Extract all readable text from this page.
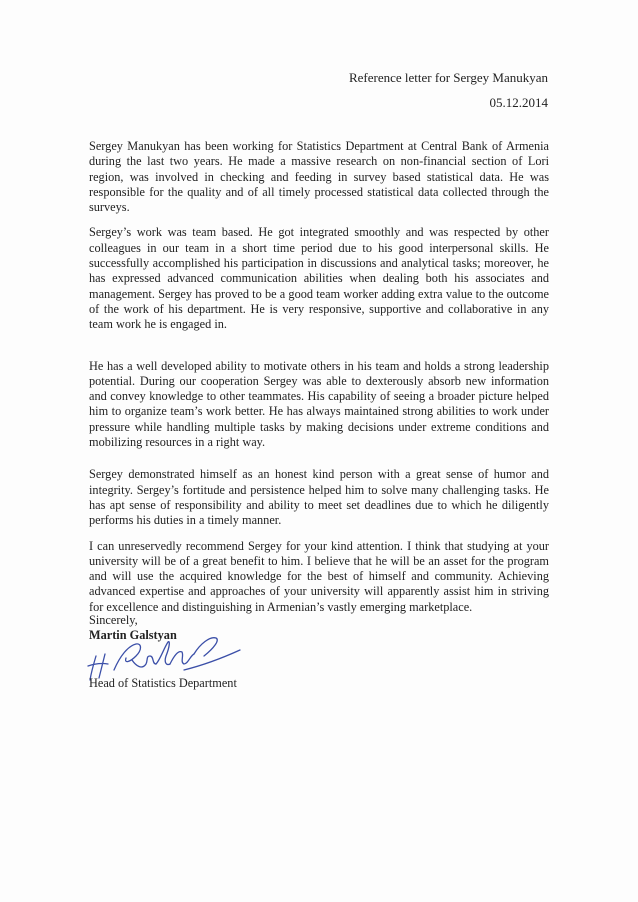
Reference letter for Sergey Manukyan
05.12.2014

Sergey Manukyan has been working for Statistics Department at Central Bank of Armenia during the last two years. He made a massive research on non-financial section of Lori region, was involved in checking and feeding in survey based statistical data. He was responsible for the quality and of all timely processed statistical data collected through the surveys.

Sergey’s work was team based. He got integrated smoothly and was respected by other colleagues in our team in a short time period due to his good interpersonal skills. He successfully accomplished his participation in discussions and analytical tasks; moreover, he has expressed advanced communication abilities when dealing both his associates and management. Sergey has proved to be a good team worker adding extra value to the outcome of the work of his department. He is very responsive, supportive and collaborative in any team work he is engaged in.

He has a well developed ability to motivate others in his team and holds a strong leadership potential. During our cooperation Sergey was able to dexterously absorb new information and convey knowledge to other teammates. His capability of seeing a broader picture helped him to organize team’s work better. He has always maintained strong abilities to work under pressure while handling multiple tasks by making decisions under extreme conditions and mobilizing resources in a right way.

Sergey demonstrated himself as an honest kind person with a great sense of humor and integrity. Sergey’s fortitude and persistence helped him to solve many challenging tasks. He has apt sense of responsibility and ability to meet set deadlines due to which he diligently performs his duties in a timely manner.

I can unreservedly recommend Sergey for your kind attention. I think that studying at your university will be of a great benefit to him. I believe that he will be an asset for the program and will use the acquired knowledge for the best of himself and community. Achieving advanced expertise and approaches of your university will apparently assist him in striving for excellence and distinguishing in Armenian’s vastly emerging marketplace.

Sincerely,
Martin Galstyan
Head of Statistics Department
